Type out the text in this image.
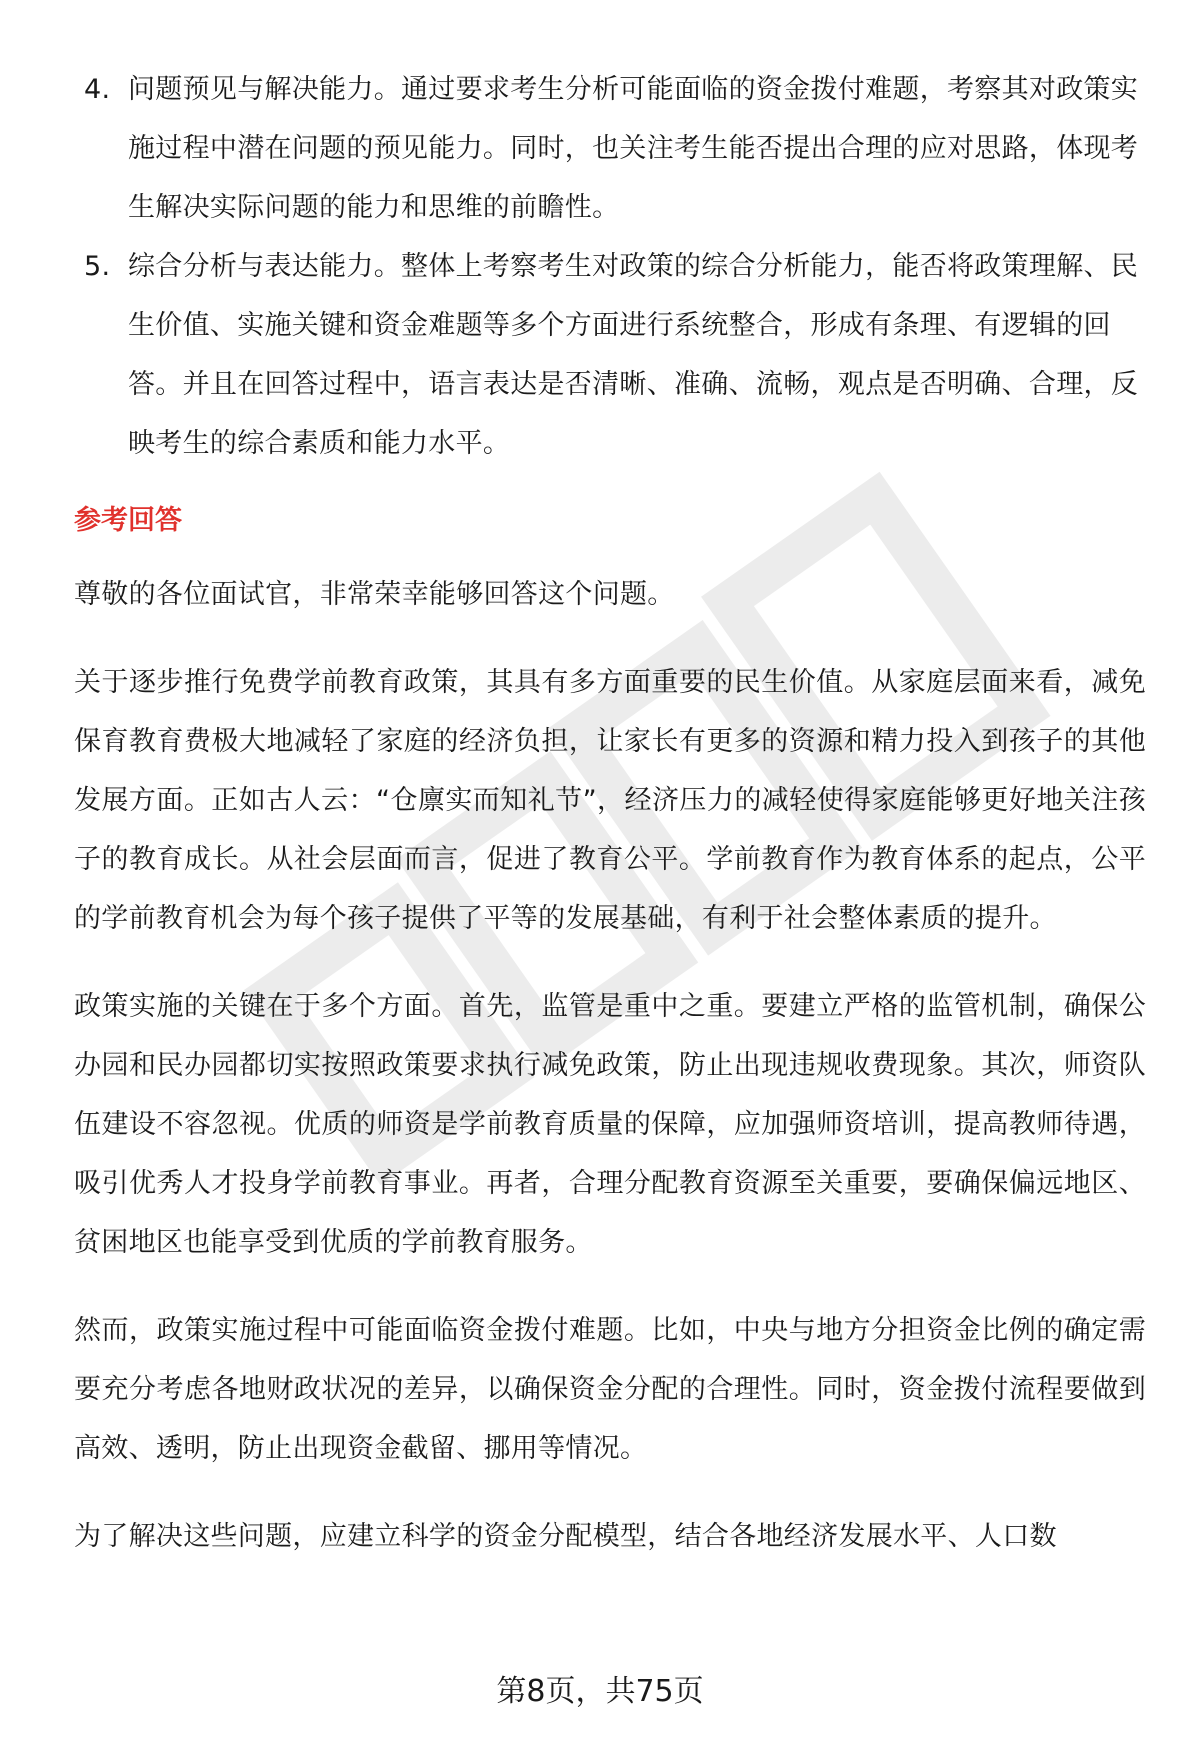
4. 问题预见与解决能力。通过要求考生分析可能面临的资金拨付难题，考察其对政策实施过程中潜在问题的预见能力。同时，也关注考生能否提出合理的应对思路，体现考生解决实际问题的能力和思维的前瞻性。
5. 综合分析与表达能力。整体上考察考生对政策的综合分析能力，能否将政策理解、民生价值、实施关键和资金难题等多个方面进行系统整合，形成有条理、有逻辑的回答。并且在回答过程中，语言表达是否清晰、准确、流畅，观点是否明确、合理，反映考生的综合素质和能力水平。
参考回答

尊敬的各位面试官，非常荣幸能够回答这个问题。

关于逐步推行免费学前教育政策，其具有多方面重要的民生价值。从家庭层面来看，减免保育教育费极大地减轻了家庭的经济负担，让家长有更多的资源和精力投入到孩子的其他发展方面。正如古人云：“仓廪实而知礼节”，经济压力的减轻使得家庭能够更好地关注孩子的教育成长。从社会层面而言，促进了教育公平。学前教育作为教育体系的起点，公平的学前教育机会为每个孩子提供了平等的发展基础，有利于社会整体素质的提升。

政策实施的关键在于多个方面。首先，监管是重中之重。要建立严格的监管机制，确保公办园和民办园都切实按照政策要求执行减免政策，防止出现违规收费现象。其次，师资队伍建设不容忽视。优质的师资是学前教育质量的保障，应加强师资培训，提高教师待遇，吸引优秀人才投身学前教育事业。再者，合理分配教育资源至关重要，要确保偏远地区、贫困地区也能享受到优质的学前教育服务。

然而，政策实施过程中可能面临资金拨付难题。比如，中央与地方分担资金比例的确定需要充分考虑各地财政状况的差异，以确保资金分配的合理性。同时，资金拨付流程要做到高效、透明，防止出现资金截留、挪用等情况。

为了解决这些问题，应建立科学的资金分配模型，结合各地经济发展水平、人口数

第8页，共75页
